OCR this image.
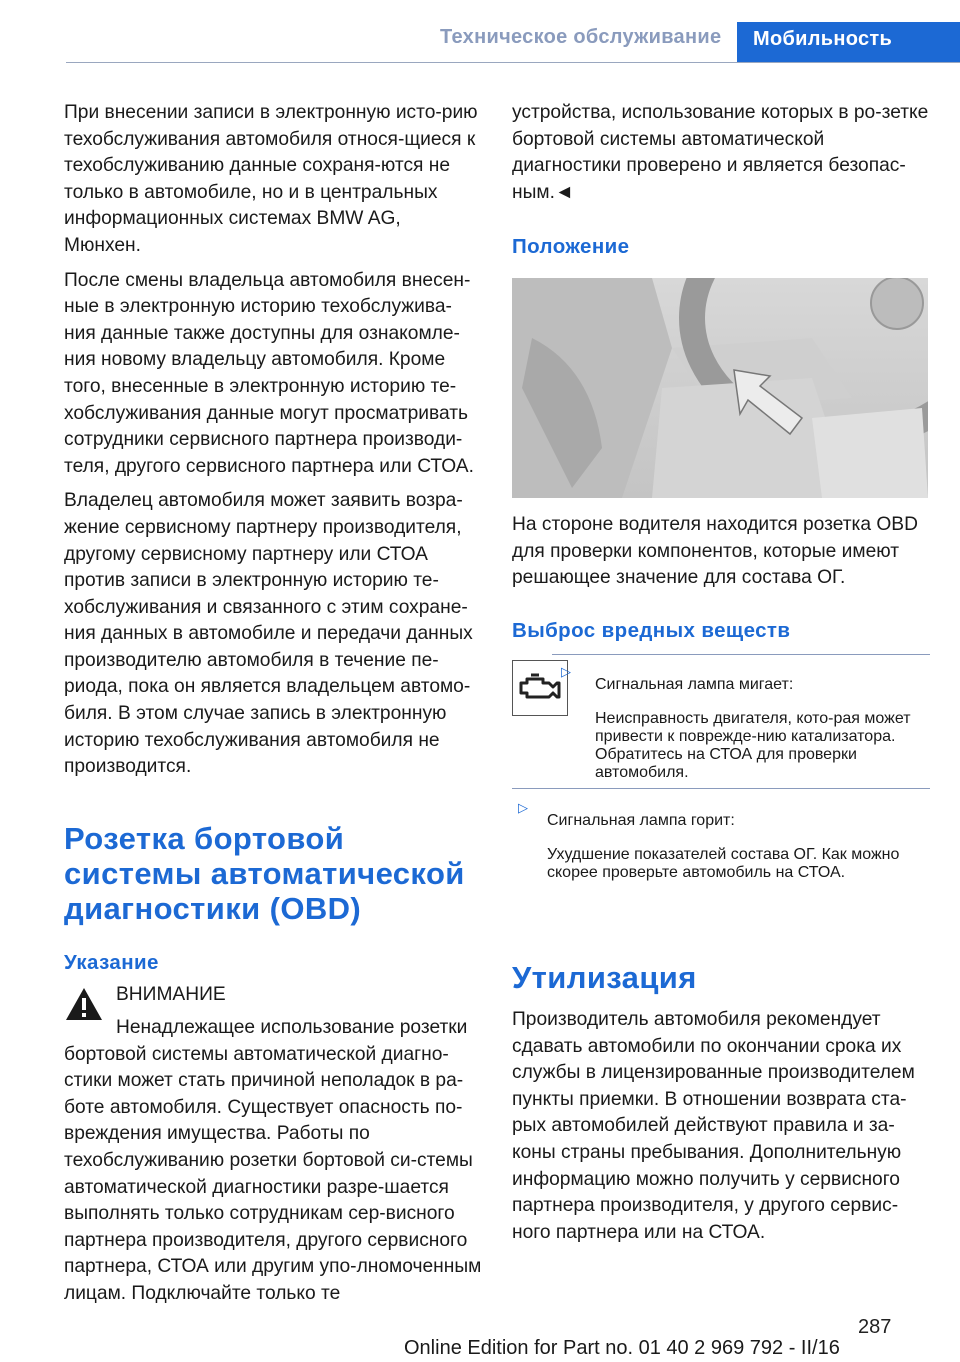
Техническое обслуживание	Мобильность

При внесении записи в электронную исто-рию техобслуживания автомобиля относя-щиеся к техобслуживанию данные сохраня-ются не только в автомобиле, но и в центральных информационных системах BMW AG, Мюнхен.

После смены владельца автомобиля внесен-ные в электронную историю техобслужива-ния данные также доступны для ознакомле-ния новому владельцу автомобиля. Кроме того, внесенные в электронную историю те-хобслуживания данные могут просматривать сотрудники сервисного партнера производи-теля, другого сервисного партнера или СТОА.

Владелец автомобиля может заявить возра-жение сервисному партнеру производителя, другому сервисному партнеру или СТОА против записи в электронную историю те-хобслуживания и связанного с этим сохране-ния данных в автомобиле и передачи данных производителю автомобиля в течение пе-риода, пока он является владельцем автомо-биля. В этом случае запись в электронную историю техобслуживания автомобиля не производится.

Розетка бортовой системы автоматической диагностики (OBD)
Указание

ВНИМАНИЕ

Ненадлежащее использование розетки бортовой системы автоматической диагно-стики может стать причиной неполадок в ра-боте автомобиля. Существует опасность по-вреждения имущества. Работы по техобслуживанию розетки бортовой си-стемы автоматической диагностики разре-шается выполнять только сотрудникам сер-висного партнера производителя, другого сервисного партнера, СТОА или другим упо-лномоченным лицам. Подключайте только те

устройства, использование которых в ро-зетке бортовой системы автоматической диагностики проверено и является безопас-ным.◄

Положение

На стороне водителя находится розетка OBD для проверки компонентов, которые имеют решающее значение для состава ОГ.

Выброс вредных веществ
▷

Сигнальная лампа мигает:

Неисправность двигателя, кото-рая может привести к поврежде-нию катализатора. Обратитесь на СТОА для проверки автомобиля.

▷

Сигнальная лампа горит:

Ухудшение показателей состава ОГ. Как можно скорее проверьте автомобиль на СТОА.

Утилизация

Производитель автомобиля рекомендует сдавать автомобили по окончании срока их службы в лицензированные производителем пункты приемки. В отношении возврата ста-рых автомобилей действуют правила и за-коны страны пребывания. Дополнительную информацию можно получить у сервисного партнера производителя, у другого сервис-ного партнера или на СТОА.

287
Online Edition for Part no. 01 40 2 969 792 - II/16
